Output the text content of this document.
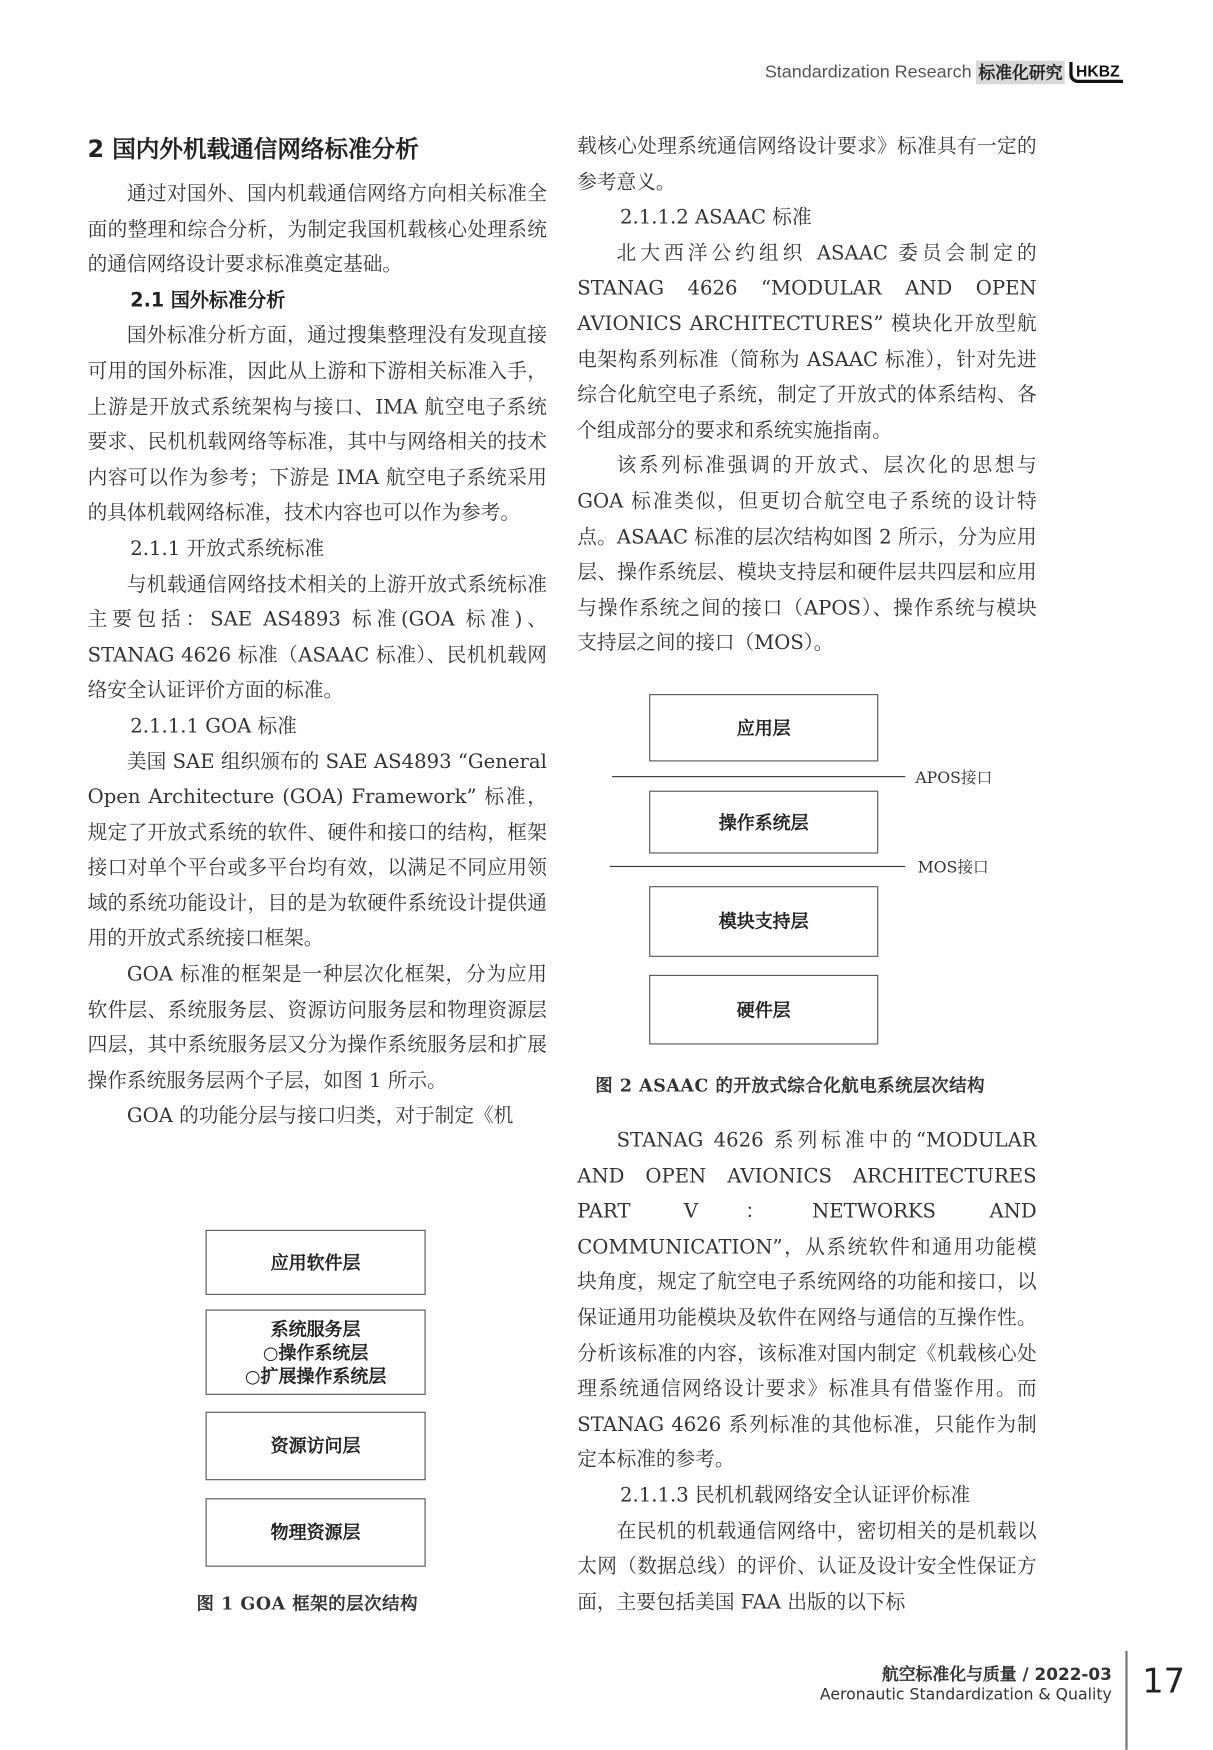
Standardization Research 标准化研究 HKBZ
2 国内外机载通信网络标准分析

通过对国外、国内机载通信网络方向相关标准全面的整理和综合分析，为制定我国机载核心处理系统的通信网络设计要求标准奠定基础。

2.1 国外标准分析

国外标准分析方面，通过搜集整理没有发现直接可用的国外标准，因此从上游和下游相关标准入手，上游是开放式系统架构与接口、IMA 航空电子系统要求、民机机载网络等标准，其中与网络相关的技术内容可以作为参考；下游是 IMA 航空电子系统采用的具体机载网络标准，技术内容也可以作为参考。

2.1.1 开放式系统标准

与机载通信网络技术相关的上游开放式系统标准主要包括：SAE AS4893 标准(GOA 标准)、STANAG 4626 标准（ASAAC 标准）、民机机载网络安全认证评价方面的标准。

2.1.1.1 GOA 标准

美国 SAE 组织颁布的 SAE AS4893 “General Open Architecture (GOA) Framework” 标准，规定了开放式系统的软件、硬件和接口的结构，框架接口对单个平台或多平台均有效，以满足不同应用领域的系统功能设计，目的是为软硬件系统设计提供通用的开放式系统接口框架。

GOA 标准的框架是一种层次化框架，分为应用软件层、系统服务层、资源访问服务层和物理资源层四层，其中系统服务层又分为操作系统服务层和扩展操作系统服务层两个子层，如图 1 所示。

GOA 的功能分层与接口归类，对于制定《机

应用软件层
系统服务层
○操作系统层
○扩展操作系统层
资源访问层
物理资源层
图 1 GOA 框架的层次结构

载核心处理系统通信网络设计要求》标准具有一定的参考意义。

2.1.1.2 ASAAC 标准

北大西洋公约组织 ASAAC 委员会制定的 STANAG 4626 “MODULAR AND OPEN AVIONICS ARCHITECTURES” 模块化开放型航电架构系列标准（简称为 ASAAC 标准），针对先进综合化航空电子系统，制定了开放式的体系结构、各个组成部分的要求和系统实施指南。

该系列标准强调的开放式、层次化的思想与 GOA 标准类似，但更切合航空电子系统的设计特点。ASAAC 标准的层次结构如图 2 所示，分为应用层、操作系统层、模块支持层和硬件层共四层和应用与操作系统之间的接口（APOS）、操作系统与模块支持层之间的接口（MOS）。

应用层
APOS接口
操作系统层
MOS接口
模块支持层
硬件层
图 2 ASAAC 的开放式综合化航电系统层次结构

STANAG 4626 系列标准中的“MODULAR AND OPEN AVIONICS ARCHITECTURES PART V：NETWORKS AND COMMUNICATION”，从系统软件和通用功能模块角度，规定了航空电子系统网络的功能和接口，以保证通用功能模块及软件在网络与通信的互操作性。分析该标准的内容，该标准对国内制定《机载核心处理系统通信网络设计要求》标准具有借鉴作用。而 STANAG 4626 系列标准的其他标准，只能作为制定本标准的参考。

2.1.1.3 民机机载网络安全认证评价标准

在民机的机载通信网络中，密切相关的是机载以太网（数据总线）的评价、认证及设计安全性保证方面，主要包括美国 FAA 出版的以下标

航空标准化与质量 / 2022-03
Aeronautic Standardization & Quality 17
